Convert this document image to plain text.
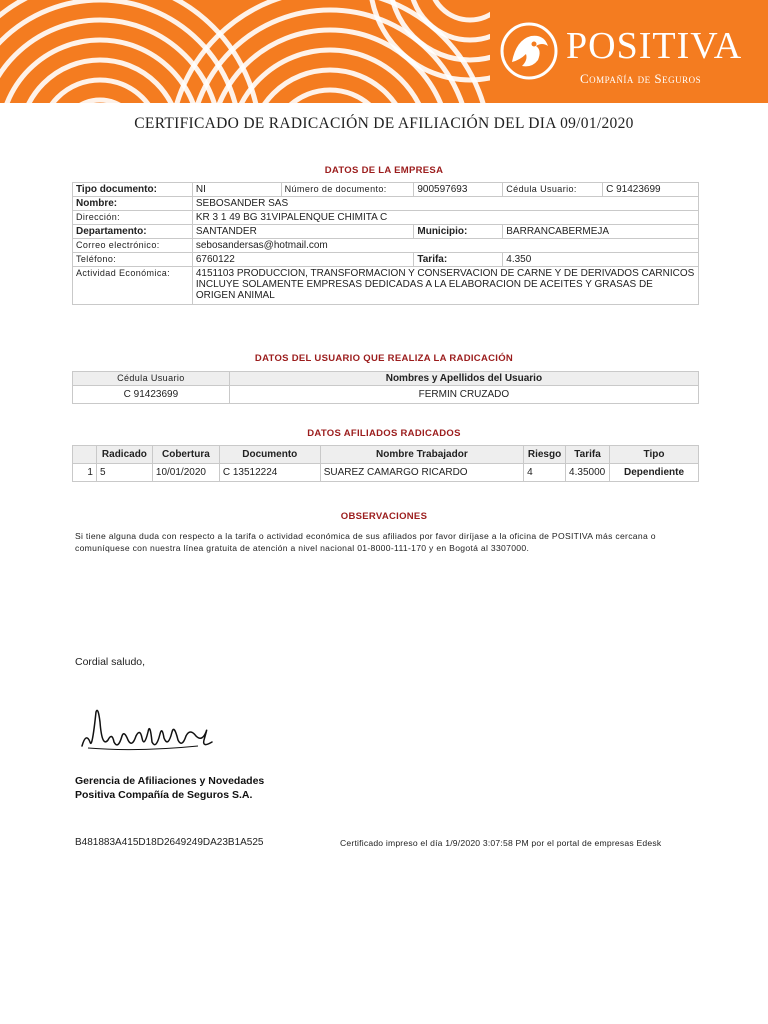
POSITIVA
Compañía de Seguros
CERTIFICADO DE RADICACIÓN DE AFILIACIÓN DEL DIA 09/01/2020
DATOS DE LA EMPRESA
Tipo documento:	NI	Número de documento:	900597693	Cédula Usuario:	C 91423699
Nombre:	SEBOSANDER SAS				
Dirección:	KR 3 1 49 BG 31VIPALENQUE CHIMITA C				
Departamento:	SANTANDER		Municipio:	BARRANCABERMEJA	
Correo electrónico:	sebosandersas@hotmail.com				
Teléfono:	6760122		Tarifa:	4.350	
Actividad Económica:	4151103 PRODUCCION, TRANSFORMACION Y CONSERVACION DE CARNE Y DE DERIVADOS CARNICOS INCLUYE SOLAMENTE EMPRESAS DEDICADAS A LA ELABORACION DE ACEITES Y GRASAS DE ORIGEN ANIMAL				
DATOS DEL USUARIO QUE REALIZA LA RADICACIÓN
Cédula Usuario	Nombres y Apellidos del Usuario
C 91423699	FERMIN CRUZADO
DATOS AFILIADOS RADICADOS
	Radicado	Cobertura	Documento	Nombre Trabajador	Riesgo	Tarifa	Tipo
1	5	10/01/2020	C 13512224	SUAREZ CAMARGO RICARDO	4	4.35000	Dependiente
OBSERVACIONES
Si tiene alguna duda con respecto a la tarifa o actividad económica de sus afiliados por favor diríjase a la oficina de POSITIVA más cercana o comuníquese con nuestra línea gratuita de atención a nivel nacional 01-8000-111-170 y en Bogotá al 3307000.
Cordial saludo,
Gerencia de Afiliaciones y Novedades
Positiva Compañía de Seguros S.A.
B481883A415D18D2649249DA23B1A525	Certificado impreso el día 1/9/2020 3:07:58 PM por el portal de empresas Edesk
